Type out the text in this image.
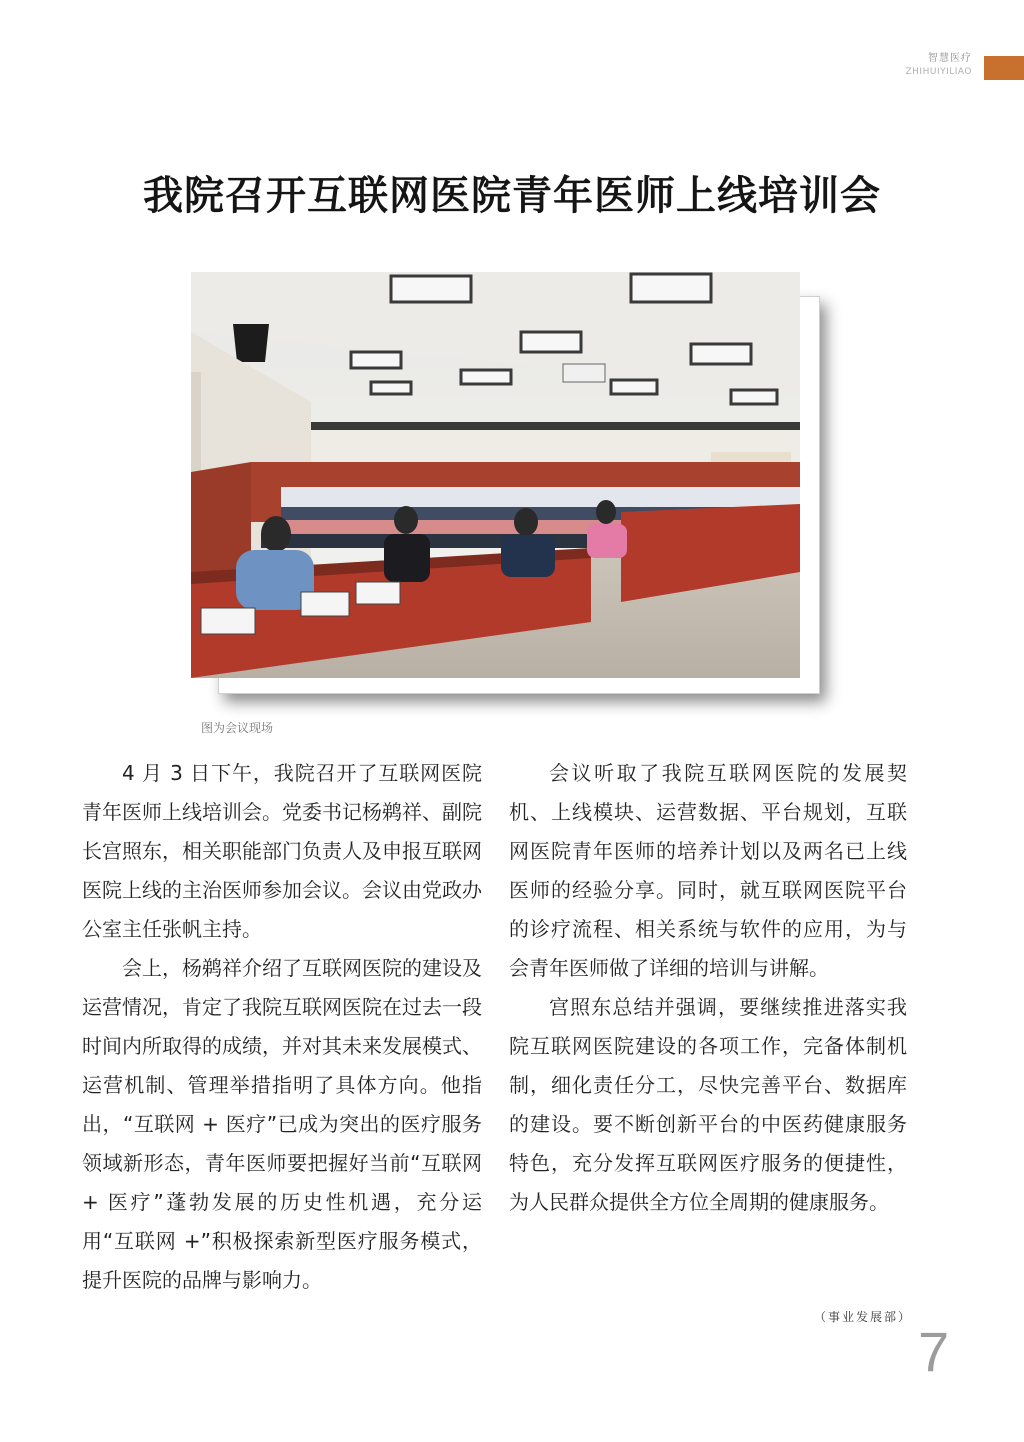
智慧医疗
ZHIHUIYILIAO
我院召开互联网医院青年医师上线培训会
图为会议现场

4 月 3 日下午，我院召开了互联网医院青年医师上线培训会。党委书记杨鹈祥、副院长宫照东，相关职能部门负责人及申报互联网医院上线的主治医师参加会议。会议由党政办公室主任张帆主持。

会上，杨鹈祥介绍了互联网医院的建设及运营情况，肯定了我院互联网医院在过去一段时间内所取得的成绩，并对其未来发展模式、运营机制、管理举措指明了具体方向。他指出，“互联网 + 医疗”已成为突出的医疗服务领域新形态，青年医师要把握好当前“互联网 + 医疗”蓬勃发展的历史性机遇，充分运用“互联网 +”积极探索新型医疗服务模式，提升医院的品牌与影响力。

会议听取了我院互联网医院的发展契机、上线模块、运营数据、平台规划，互联网医院青年医师的培养计划以及两名已上线医师的经验分享。同时，就互联网医院平台的诊疗流程、相关系统与软件的应用，为与会青年医师做了详细的培训与讲解。

宫照东总结并强调，要继续推进落实我院互联网医院建设的各项工作，完备体制机制，细化责任分工，尽快完善平台、数据库的建设。要不断创新平台的中医药健康服务特色，充分发挥互联网医疗服务的便捷性，为人民群众提供全方位全周期的健康服务。

（事业发展部）
7
